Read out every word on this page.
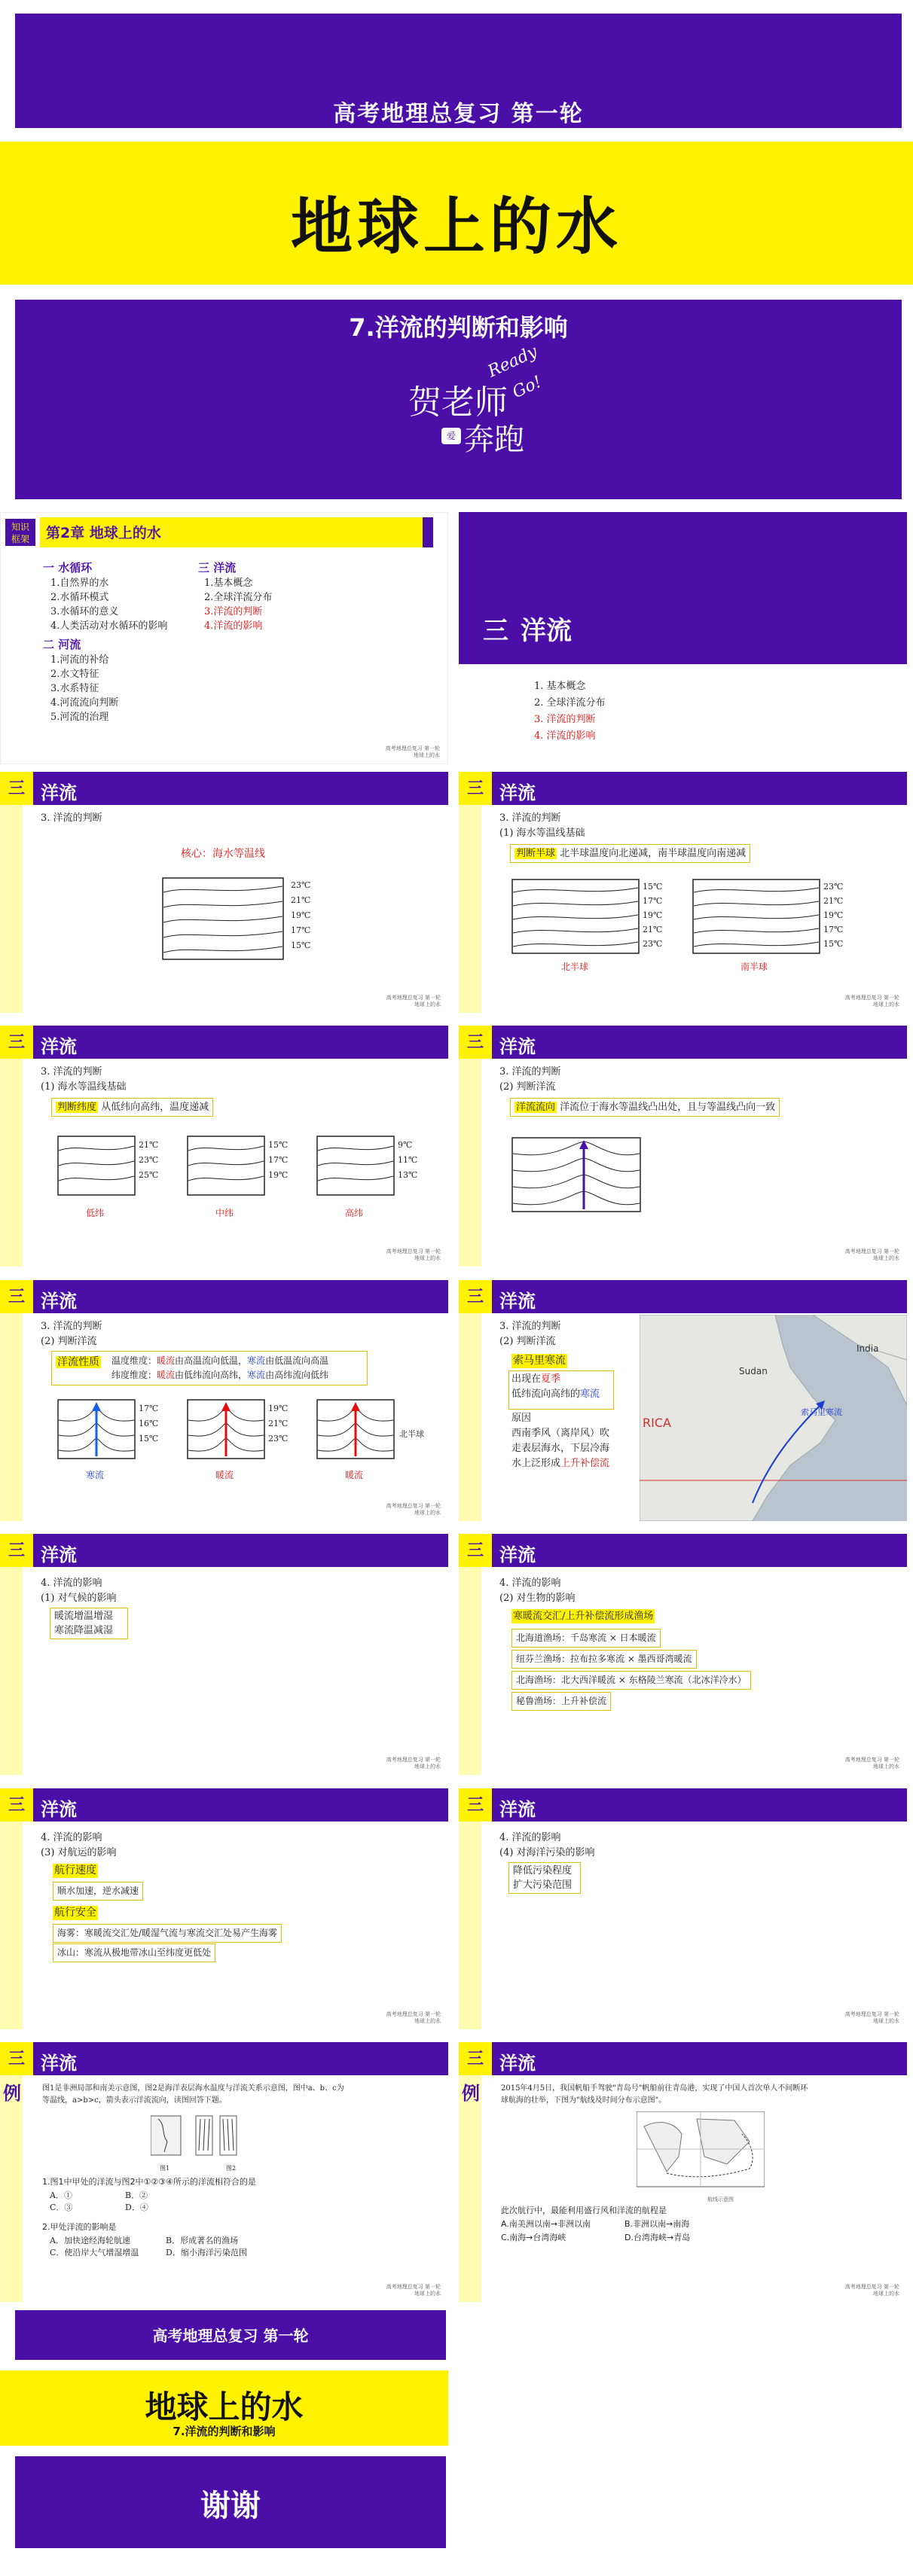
高考地理总复习 第一轮
地球上的水
7.洋流的判断和影响
贺老师
爱 奔跑
Ready
Go!
知识
框架	第2章 地球上的水
一 水循环
1.自然界的水
2.水循环模式
3.水循环的意义
4.人类活动对水循环的影响
二 河流
1.河流的补给
2.水文特征
3.水系特征
4.河流流向判断
5.河流的治理
三 洋流
1.基本概念
2.全球洋流分布
3.洋流的判断
4.洋流的影响
高考地理总复习 第一轮
地球上的水
三 洋流
1. 基本概念
2. 全球洋流分布
3. 洋流的判断
4. 洋流的影响
三 洋流
3. 洋流的判断
核心：海水等温线
23℃
21℃
19℃
17℃
15℃
高考地理总复习 第一轮
地球上的水
三 洋流
3. 洋流的判断
(1) 海水等温线基础
判断半球 北半球温度向北递减，南半球温度向南递减
15℃
17℃
19℃
21℃
23℃
23℃
21℃
19℃
17℃
15℃
北半球	南半球
高考地理总复习 第一轮
地球上的水
三 洋流
3. 洋流的判断
(1) 海水等温线基础
判断纬度 从低纬向高纬，温度递减
21℃
23℃
25℃
15℃
17℃
19℃
9℃
11℃
13℃
低纬	中纬	高纬
高考地理总复习 第一轮
地球上的水
三 洋流
3. 洋流的判断
(2) 判断洋流
洋流流向 洋流位于海水等温线凸出处，且与等温线凸向一致
高考地理总复习 第一轮
地球上的水
三 洋流
3. 洋流的判断
(2) 判断洋流
洋流性质 温度维度：暖流由高温流向低温，寒流由低温流向高温
纬度维度：暖流由低纬流向高纬，寒流由高纬流向低纬
17℃
16℃
15℃
19℃
21℃
23℃	北半球
寒流	暖流	暖流
高考地理总复习 第一轮
地球上的水
三 洋流
3. 洋流的判断
(2) 判断洋流
索马里寒流
出现在夏季
低纬流向高纬的寒流
原因
西南季风（离岸风）吹
走表层海水，下层冷海
水上泛形成上升补偿流
Sudan
India
RICA
索马里寒流
三 洋流
4. 洋流的影响
(1) 对气候的影响
暖流增温增湿
寒流降温减湿
高考地理总复习 第一轮
地球上的水
三 洋流
4. 洋流的影响
(2) 对生物的影响
寒暖流交汇/上升补偿流形成渔场
北海道渔场：千岛寒流 × 日本暖流
纽芬兰渔场：拉布拉多寒流 × 墨西哥湾暖流
北海渔场：北大西洋暖流 × 东格陵兰寒流（北冰洋冷水）
秘鲁渔场：上升补偿流
高考地理总复习 第一轮
地球上的水
三 洋流
4. 洋流的影响
(3) 对航运的影响
航行速度
顺水加速，逆水减速
航行安全
海雾：寒暖流交汇处/暖湿气流与寒流交汇处易产生海雾
冰山：寒流从极地带冰山至纬度更低处
高考地理总复习 第一轮
地球上的水
三 洋流
4. 洋流的影响
(4) 对海洋污染的影响
降低污染程度
扩大污染范围
高考地理总复习 第一轮
地球上的水
三 洋流
例	图1是非洲局部和南美示意图，图2是海洋表层海水温度与洋流关系示意图，图中a、b、c为
等温线，a>b>c，箭头表示洋流流向，读图回答下题。
图1	图2
1.图1中甲处的洋流与图2中①②③④所示的洋流相符合的是
A．①	B．②
C．③	D．④
2.甲处洋流的影响是
A．加快途经海轮航速	B．形成著名的渔场
C．使沿岸大气增湿增温	D．缩小海洋污染范围
高考地理总复习 第一轮
地球上的水
三 洋流
例	2015年4月5日，我国帆船手驾驶"青岛号"帆船前往青岛港，实现了中国人首次单人不间断环
球航海的壮举，下图为"航线及时间分布示意图"。
航线示意图
此次航行中，最能利用盛行风和洋流的航程是
A.南美洲以南→非洲以南	B.非洲以南→南海
C.南海→台湾海峡	D.台湾海峡→青岛
高考地理总复习 第一轮
地球上的水
高考地理总复习 第一轮
地球上的水
7.洋流的判断和影响
谢谢
